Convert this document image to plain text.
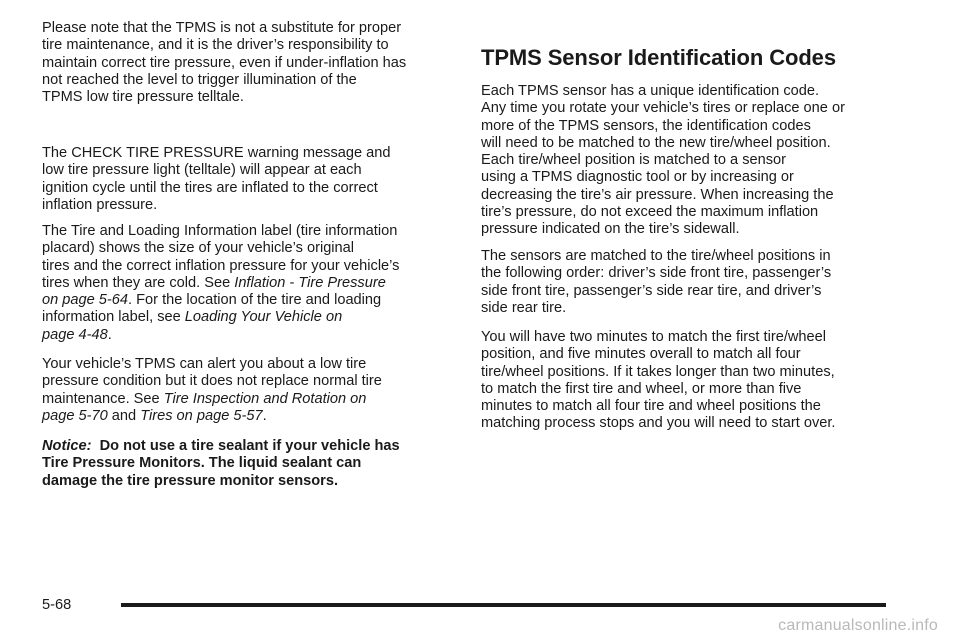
Please note that the TPMS is not a substitute for proper
tire maintenance, and it is the driver’s responsibility to
maintain correct tire pressure, even if under-inflation has
not reached the level to trigger illumination of the
TPMS low tire pressure telltale.

The CHECK TIRE PRESSURE warning message and
low tire pressure light (telltale) will appear at each
ignition cycle until the tires are inflated to the correct
inflation pressure.

The Tire and Loading Information label (tire information
placard) shows the size of your vehicle’s original
tires and the correct inflation pressure for your vehicle’s
tires when they are cold. See Inflation - Tire Pressure
on page 5-64. For the location of the tire and loading
information label, see Loading Your Vehicle on
page 4-48.

Your vehicle’s TPMS can alert you about a low tire
pressure condition but it does not replace normal tire
maintenance. See Tire Inspection and Rotation on
page 5-70 and Tires on page 5-57.

Notice: Do not use a tire sealant if your vehicle has
Tire Pressure Monitors. The liquid sealant can
damage the tire pressure monitor sensors.

TPMS Sensor Identification Codes

Each TPMS sensor has a unique identification code.
Any time you rotate your vehicle’s tires or replace one or
more of the TPMS sensors, the identification codes
will need to be matched to the new tire/wheel position.
Each tire/wheel position is matched to a sensor
using a TPMS diagnostic tool or by increasing or
decreasing the tire’s air pressure. When increasing the
tire’s pressure, do not exceed the maximum inflation
pressure indicated on the tire’s sidewall.

The sensors are matched to the tire/wheel positions in
the following order: driver’s side front tire, passenger’s
side front tire, passenger’s side rear tire, and driver’s
side rear tire.

You will have two minutes to match the first tire/wheel
position, and five minutes overall to match all four
tire/wheel positions. If it takes longer than two minutes,
to match the first tire and wheel, or more than five
minutes to match all four tire and wheel positions the
matching process stops and you will need to start over.

5-68
carmanualsonline.info
